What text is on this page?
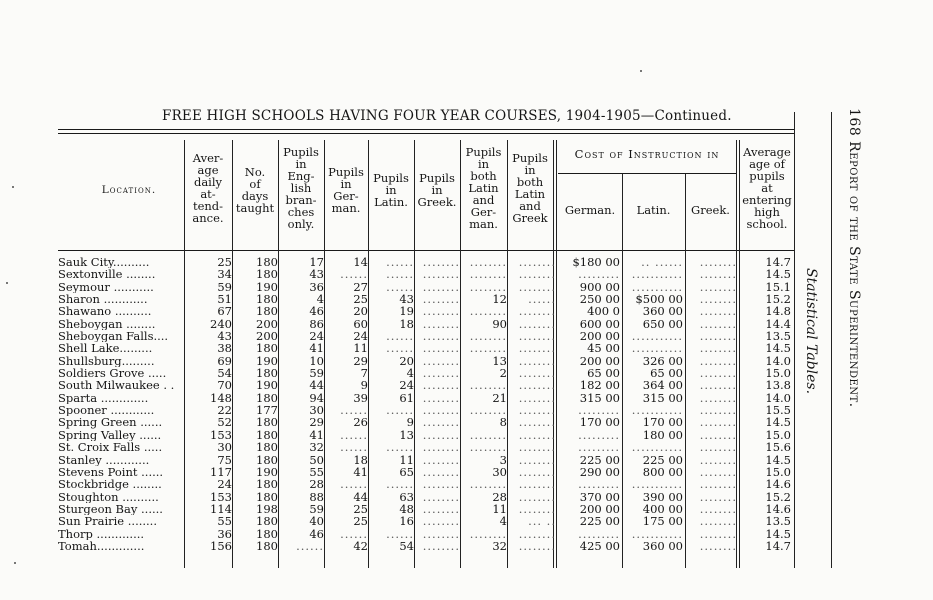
FREE HIGH SCHOOLS HAVING FOUR YEAR COURSES, 1904-1905—Continued.	168 Report of the State Superintendent.
Statistical Tables.
Location.
Aver-
age
daily
at-
tend-
ance.
No.
of
days
taught
Pupils
in
Eng-
lish
bran-
ches
only.
Pupils
in
Ger-
man.
Pupils
in
Latin.
Pupils
in
Greek.
Pupils
in
both
Latin
and
Ger-
man.
Pupils
in
both
Latin
and
Greek
Cost of Instruction in
German.	Latin.	Greek.
Average
age of
pupils
at
entering
high
school.
Sauk City..........	25	180	17	14	......	........	........	........	$180 00	.. ......	........	14.7
Sextonville ........	34	180	43	......	......	........	........	........	.........	...........	........	14.5
Seymour ...........	59	190	36	27	......	........	........	........	900 00	...........	........	15.1
Sharon ............	51	180	4	25	43	........	12	......	250 00	$500 00	........	15.2
Shawano ..........	67	180	46	20	19	........	........	........	400 0	360 00	........	14.8
Sheboygan ........	240	200	86	60	18	........	90	........	600 00	650 00	........	14.4
Sheboygan Falls....	43	200	24	24	......	........	........	........	200 00	...........	........	13.5
Shell Lake.........	38	180	41	11	......	........	........	........	45 00	...........	........	14.5
Shullsburg.........	69	190	10	29	20	........	13	........	200 00	326 00	........	14.0
Soldiers Grove .....	54	180	59	7	4	........	2	........	65 00	65 00	........	15.0
South Milwaukee . .	70	190	44	9	24	........	........	........	182 00	364 00	........	13.8
Sparta .............	148	180	94	39	61	........	21	........	315 00	315 00	........	14.0
Spooner ............	22	177	30	......	......	........	........	........	.........	...........	........	15.5
Spring Green ......	52	180	29	26	9	........	8	........	170 00	170 00	........	14.5
Spring Valley ......	153	180	41	......	13	........	........	........	.........	180 00	........	15.0
St. Croix Falls .....	30	180	32	......	......	........	........	........	.........	...........	........	15.6
Stanley ............	75	180	50	18	11	........	3	........	225 00	225 00	........	14.5
Stevens Point ......	117	190	55	41	65	........	30	........	290 00	800 00	........	15.0
Stockbridge ........	24	180	28	......	......	........	........	........	.........	...........	........	14.6
Stoughton ..........	153	180	88	44	63	........	28	........	370 00	390 00	........	15.2
Sturgeon Bay ......	114	198	59	25	48	........	11	........	200 00	400 00	........	14.6
Sun Prairie ........	55	180	40	25	16	........	4	... ..	225 00	175 00	........	13.5
Thorp .............	36	180	46	......	......	........	........	........	.........	...........	........	14.5
Tomah.............	156	180	......	42	54	........	32	........	425 00	360 00	........	14.7
